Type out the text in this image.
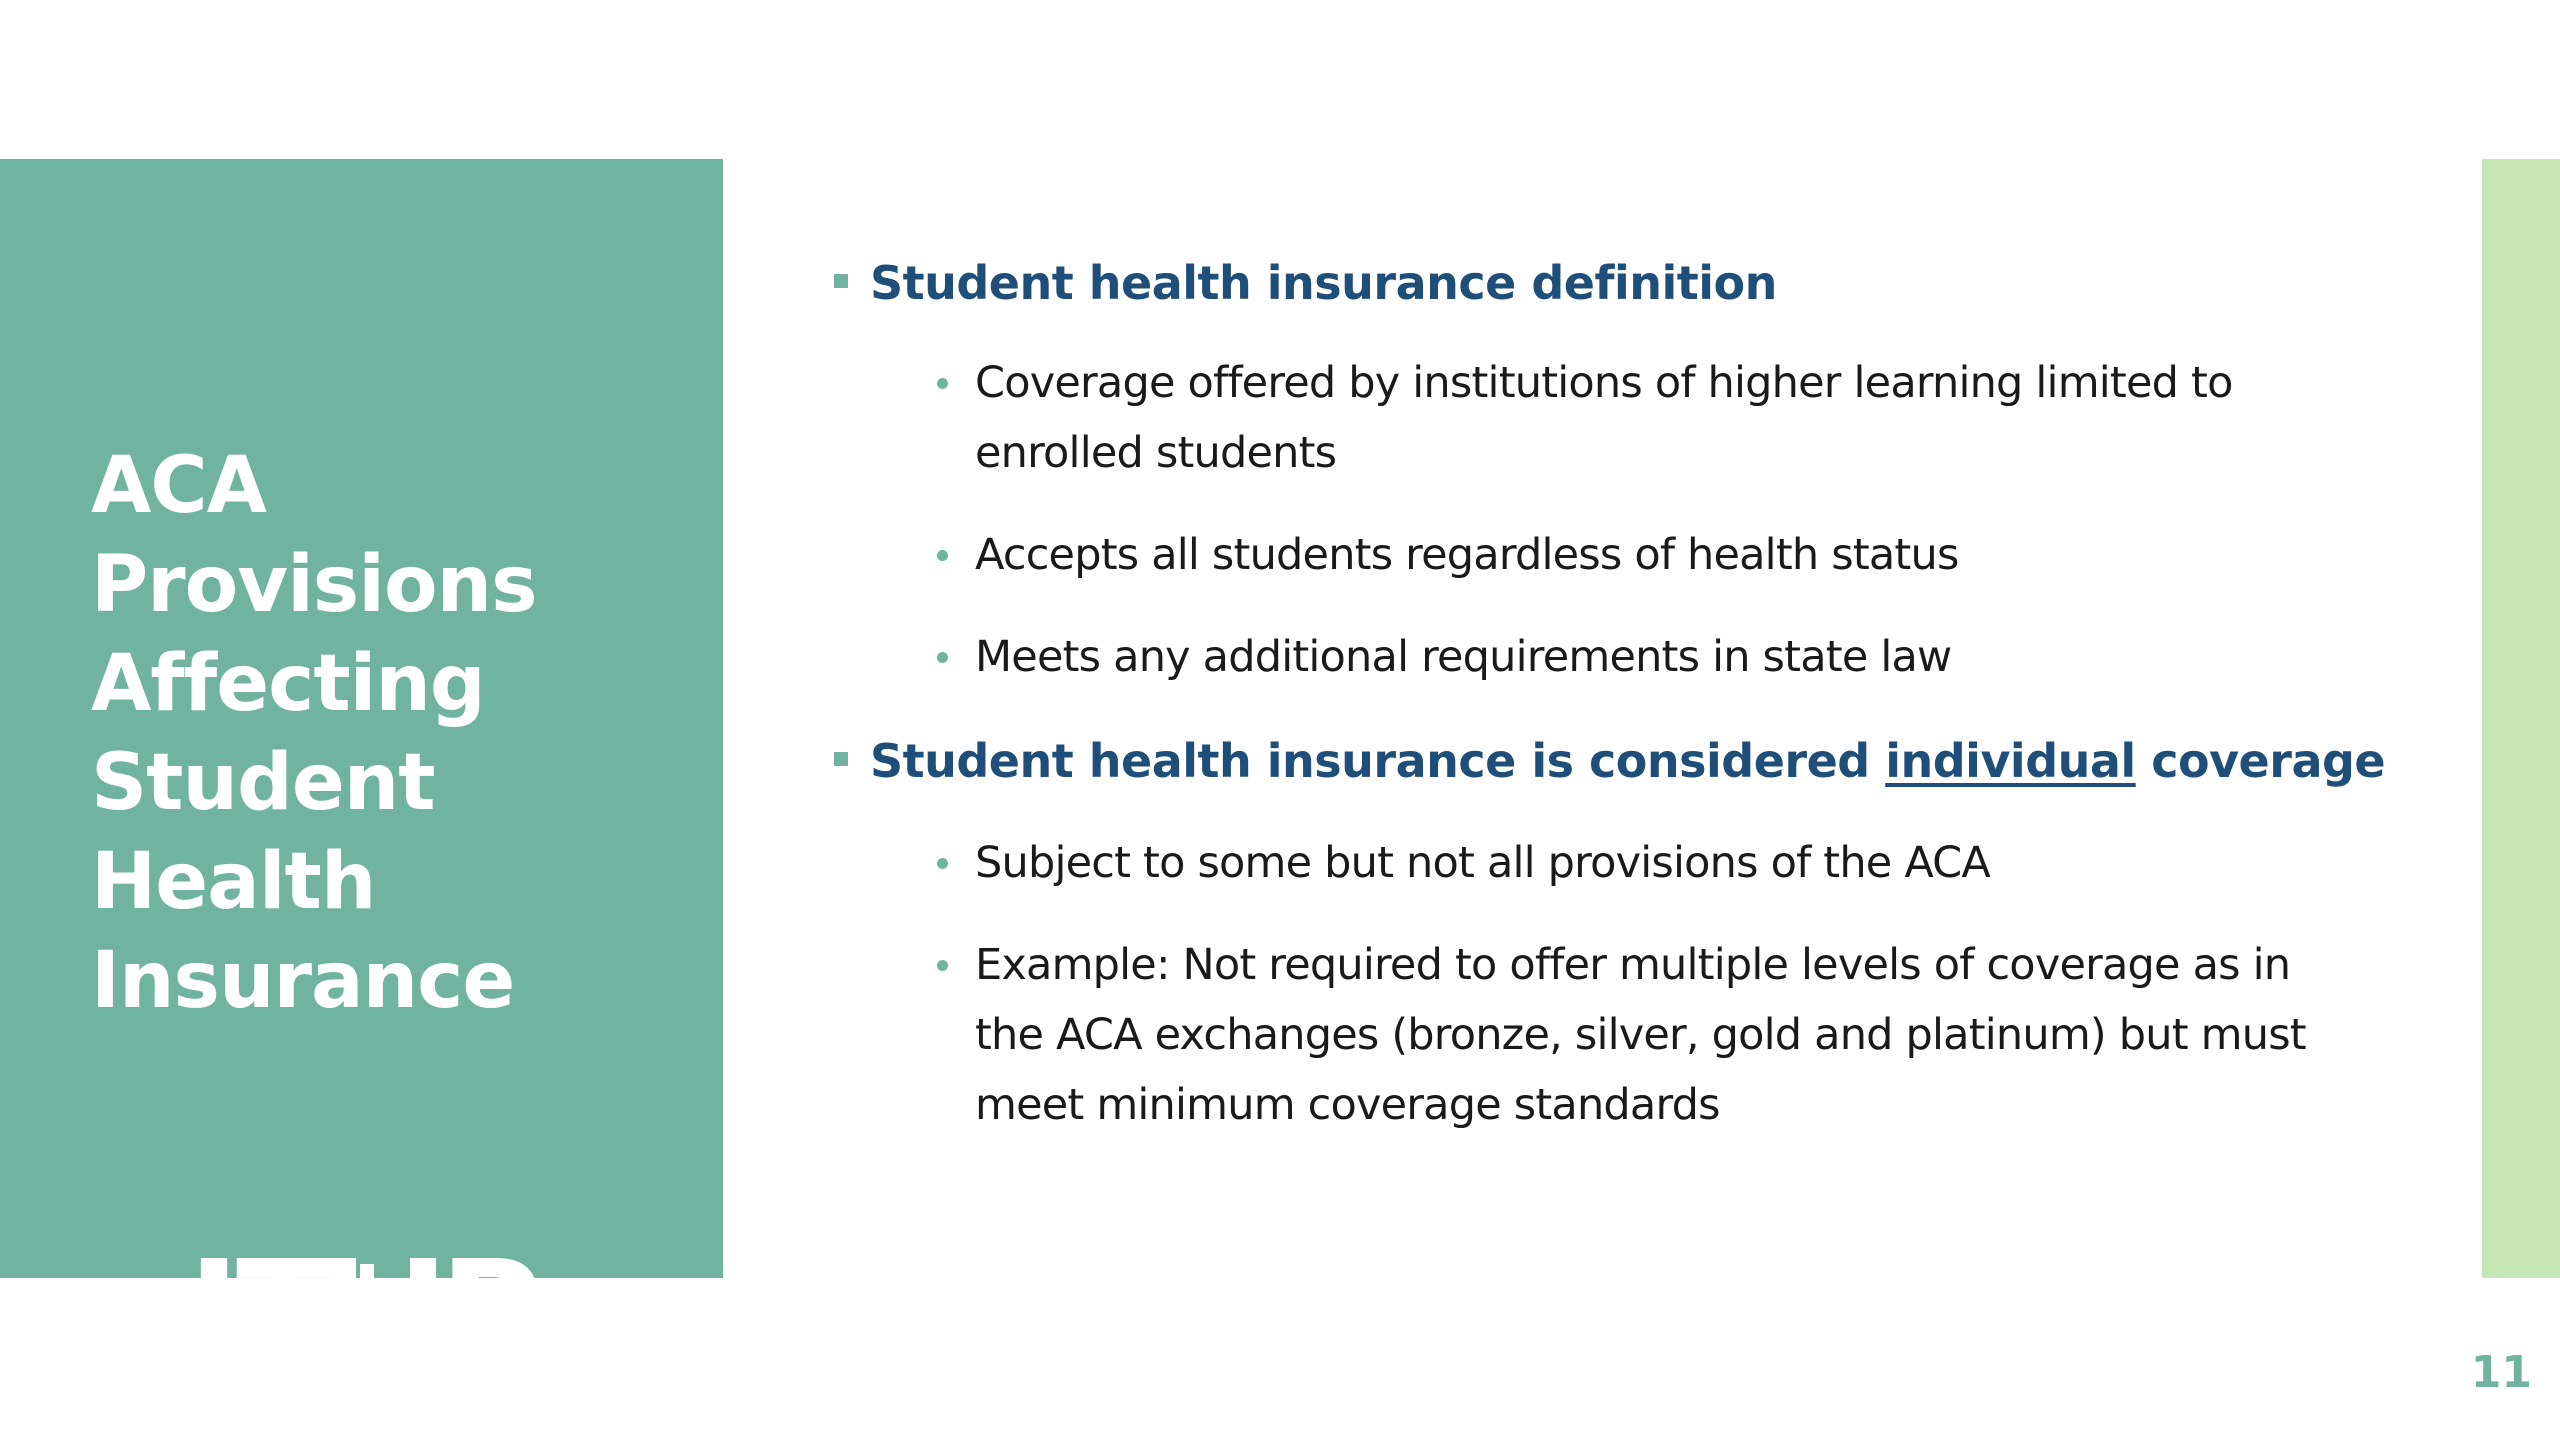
ACA
Provisions
Affecting
Student
Health
Insurance
IT P
Insure the Uninsured Project
Student health insurance definition
Coverage offered by institutions of higher learning limited to enrolled students
Accepts all students regardless of health status
Meets any additional requirements in state law
Student health insurance is considered individual coverage
Subject to some but not all provisions of the ACA
Example: Not required to offer multiple levels of coverage as in the ACA exchanges (bronze, silver, gold and platinum) but must meet minimum coverage standards
11
